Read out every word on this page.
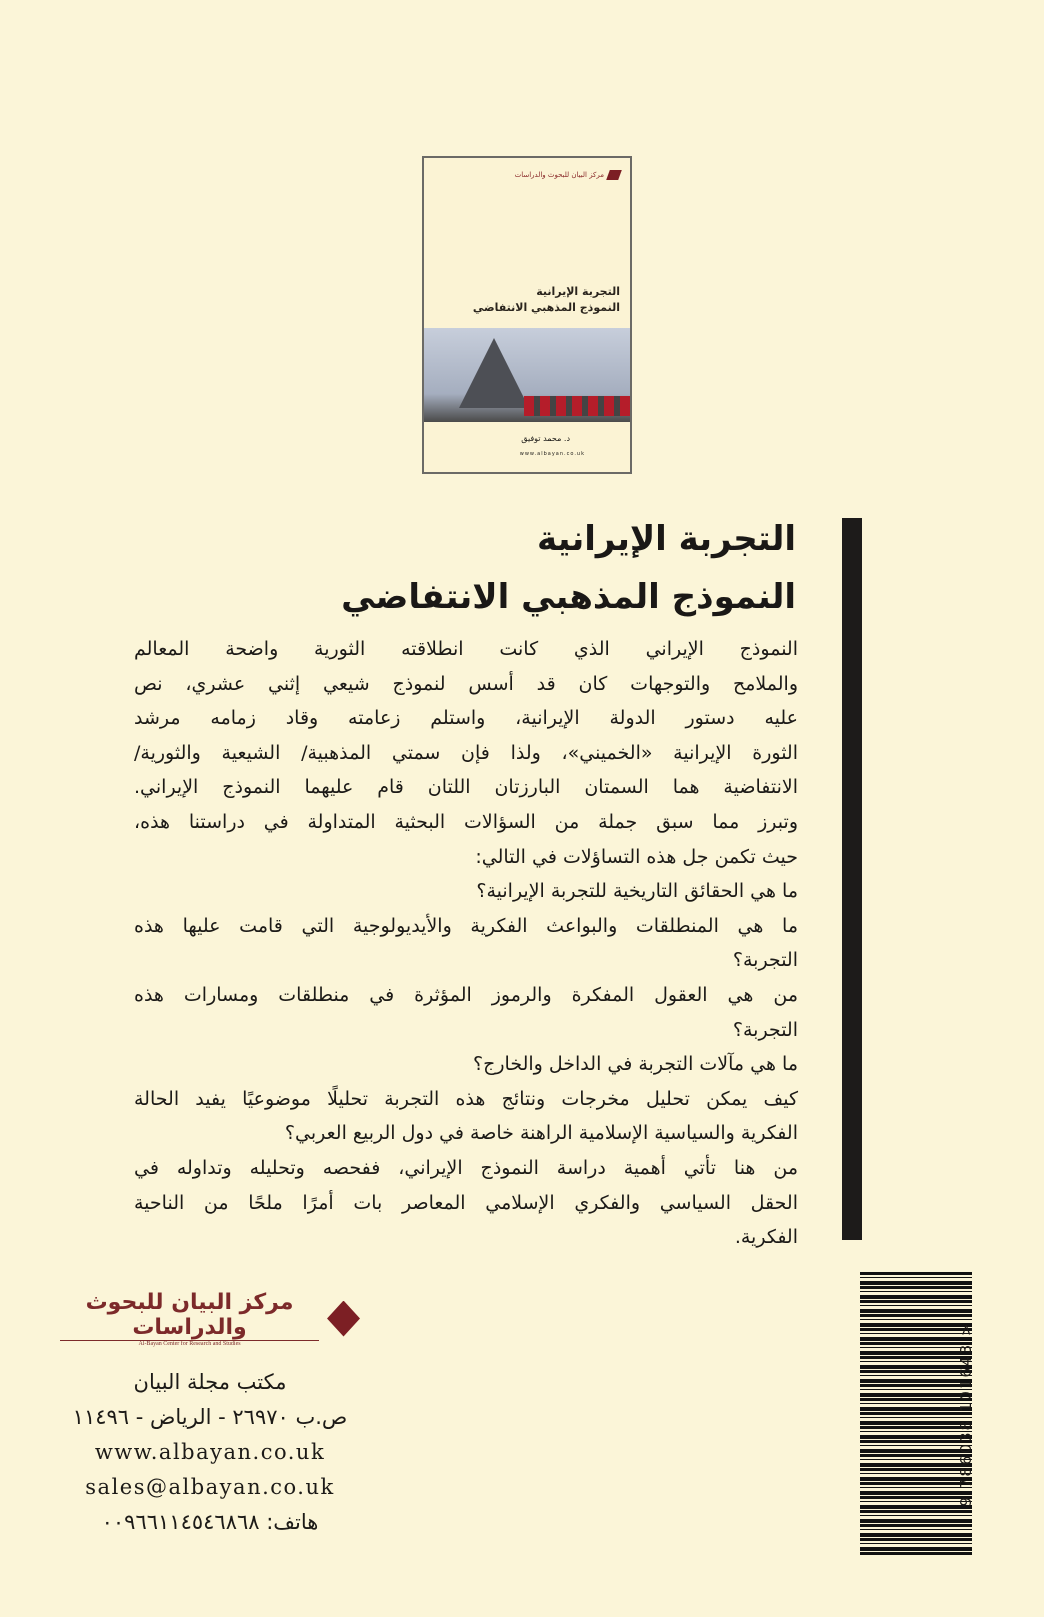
مركز البيان للبحوث والدراسات
التجربة الإيرانية
النموذج المذهبي الانتفاضي
د. محمد توفيق
www.albayan.co.uk
التجربة الإيرانية
النموذج المذهبي الانتفاضي
النموذج الإيراني الذي كانت انطلاقته الثورية واضحة المعالم
والملامح والتوجهات كان قد أسس لنموذج شيعي إثني عشري، نص
عليه دستور الدولة الإيرانية، واستلم زعامته وقاد زمامه مرشد
الثورة الإيرانية «الخميني»، ولذا فإن سمتي المذهبية/ الشيعية والثورية/
الانتفاضية هما السمتان البارزتان اللتان قام عليهما النموذج الإيراني.
وتبرز مما سبق جملة من السؤالات البحثية المتداولة في دراستنا هذه،
حيث تكمن جل هذه التساؤلات في التالي:
ما هي الحقائق التاريخية للتجربة الإيرانية؟
ما هي المنطلقات والبواعث الفكرية والأيديولوجية التي قامت عليها هذه
التجربة؟
من هي العقول المفكرة والرموز المؤثرة في منطلقات ومسارات هذه
التجربة؟
ما هي مآلات التجربة في الداخل والخارج؟
كيف يمكن تحليل مخرجات ونتائج هذه التجربة تحليلًا موضوعيًا يفيد الحالة
الفكرية والسياسية الإسلامية الراهنة خاصة في دول الربيع العربي؟
من هنا تأتي أهمية دراسة النموذج الإيراني، ففحصه وتحليله وتداوله في
الحقل السياسي والفكري الإسلامي المعاصر بات أمرًا ملحًا من الناحية
الفكرية.
مركز البيان للبحوث والدراسات
Al-Bayan Center for Research and Studies
مكتب مجلة البيان
ص.ب ٢٦٩٧٠ - الرياض - ١١٤٩٦
www.albayan.co.uk
sales@albayan.co.uk
هاتف: ٠٠٩٦٦١١٤٥٤٦٨٦٨
9 786038 101643 >
